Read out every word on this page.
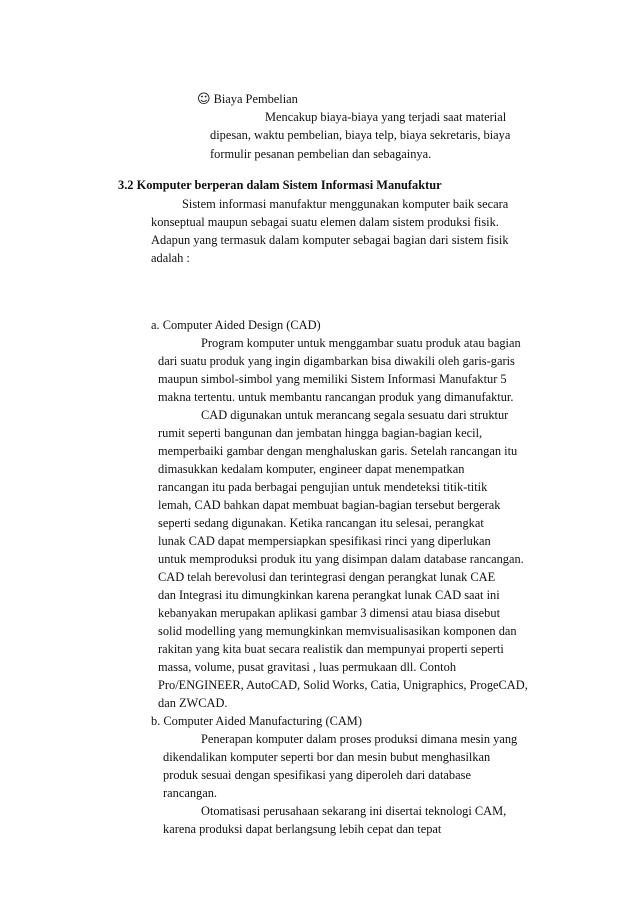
☺ Biaya Pembelian
Mencakup biaya-biaya yang terjadi saat material
dipesan, waktu pembelian, biaya telp, biaya sekretaris, biaya
formulir pesanan pembelian dan sebagainya.
3.2 Komputer berperan dalam Sistem Informasi Manufaktur
Sistem informasi manufaktur menggunakan komputer baik secara
konseptual maupun sebagai suatu elemen dalam sistem produksi fisik.
Adapun yang termasuk dalam komputer sebagai bagian dari sistem fisik
adalah :
a. Computer Aided Design (CAD)
Program komputer untuk menggambar suatu produk atau bagian
dari suatu produk yang ingin digambarkan bisa diwakili oleh garis-garis
maupun simbol-simbol yang memiliki Sistem Informasi Manufaktur 5
makna tertentu. untuk membantu rancangan produk yang dimanufaktur.
CAD digunakan untuk merancang segala sesuatu dari struktur
rumit seperti bangunan dan jembatan hingga bagian-bagian kecil,
memperbaiki gambar dengan menghaluskan garis. Setelah rancangan itu
dimasukkan kedalam komputer, engineer dapat menempatkan
rancangan itu pada berbagai pengujian untuk mendeteksi titik-titik
lemah, CAD bahkan dapat membuat bagian-bagian tersebut bergerak
seperti sedang digunakan. Ketika rancangan itu selesai, perangkat
lunak CAD dapat mempersiapkan spesifikasi rinci yang diperlukan
untuk memproduksi produk itu yang disimpan dalam database rancangan.
CAD telah berevolusi dan terintegrasi dengan perangkat lunak CAE
dan Integrasi itu dimungkinkan karena perangkat lunak CAD saat ini
kebanyakan merupakan aplikasi gambar 3 dimensi atau biasa disebut
solid modelling yang memungkinkan memvisualisasikan komponen dan
rakitan yang kita buat secara realistik dan mempunyai properti seperti
massa, volume, pusat gravitasi , luas permukaan dll. Contoh
Pro/ENGINEER, AutoCAD, Solid Works, Catia, Unigraphics, ProgeCAD,
dan ZWCAD.
b. Computer Aided Manufacturing (CAM)
Penerapan komputer dalam proses produksi dimana mesin yang
dikendalikan komputer seperti bor dan mesin bubut menghasilkan
produk sesuai dengan spesifikasi yang diperoleh dari database
rancangan.
Otomatisasi perusahaan sekarang ini disertai teknologi CAM,
karena produksi dapat berlangsung lebih cepat dan tepat
